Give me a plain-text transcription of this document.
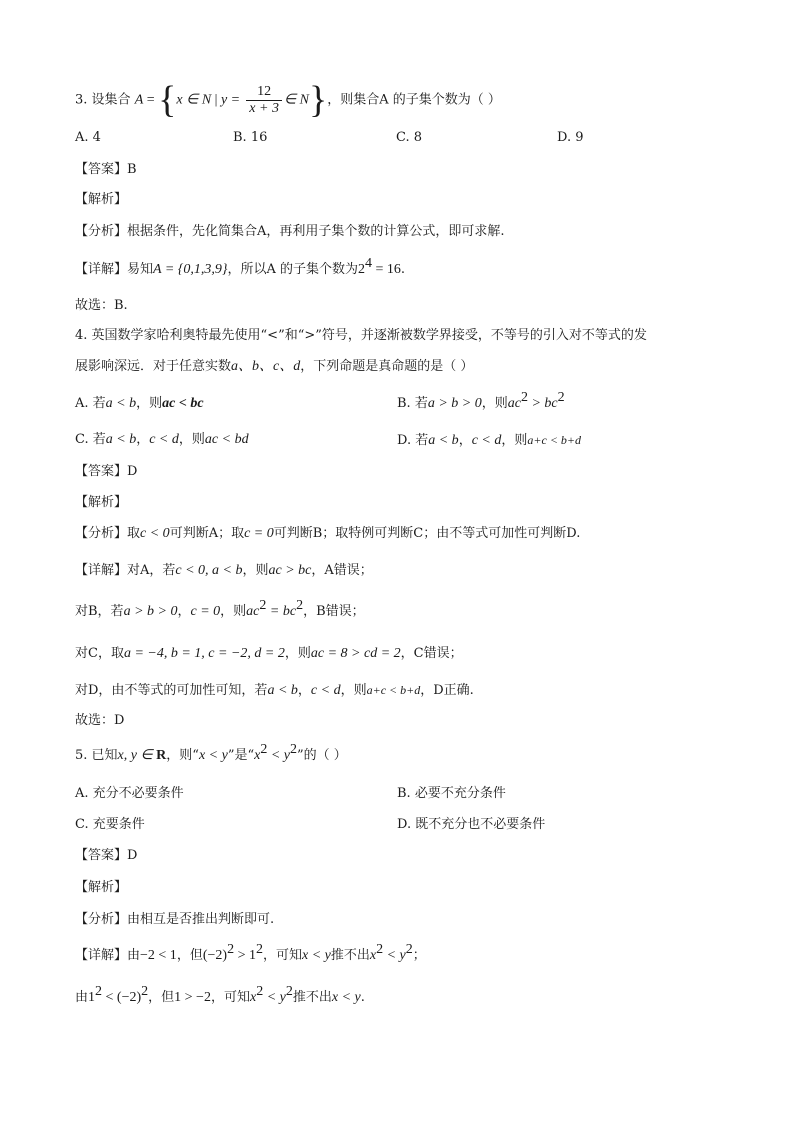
3. 设集合 A = {x ∈ N | $y = \frac{12}{x + 3}$ ∈ N}，则集合A 的子集个数为（ ）
A. 4	B. 16	C. 8	D. 9
【答案】B
【解析】
【分析】根据条件，先化简集合A，再利用子集个数的计算公式，即可求解.
【详解】易知A = {0,1,3,9}，所以A 的子集个数为$2^4 = 16$.
故选：B.
4. 英国数学家哈利奥特最先使用“<”和“>”符号，并逐渐被数学界接受，不等号的引入对不等式的发
展影响深远．对于任意实数a、b、c、d，下列命题是真命题的是（ ）
A. 若a < b，则ac < bc	B. 若a > b > 0，则$ac^2 > bc^2$
C. 若a < b，c < d，则ac < bd	D. 若a < b，c < d，则a+c < b+d
【答案】D
【解析】
【分析】取c < 0可判断A；取c = 0可判断B；取特例可判断C；由不等式可加性可判断D.
【详解】对A，若c < 0, a < b，则ac > bc，A错误；
对B，若a > b > 0，c = 0，则$ac^2 = bc^2$，B错误；
对C，取a = −4, b = 1, c = −2, d = 2，则ac = 8 > cd = 2，C错误；
对D，由不等式的可加性可知，若a < b，c < d，则a+c < b+d，D正确.
故选：D
5. 已知x, y ∈ R，则“x < y”是“$x^2 < y^2$”的（ ）
A. 充分不必要条件	B. 必要不充分条件
C. 充要条件	D. 既不充分也不必要条件
【答案】D
【解析】
【分析】由相互是否推出判断即可.
【详解】由−2 < 1，但$(-2)^2 > 1^2$，可知x < y推不出$x^2 < y^2$；
由$1^2 < (-2)^2$，但1 > −2，可知$x^2 < y^2$推不出x < y.
